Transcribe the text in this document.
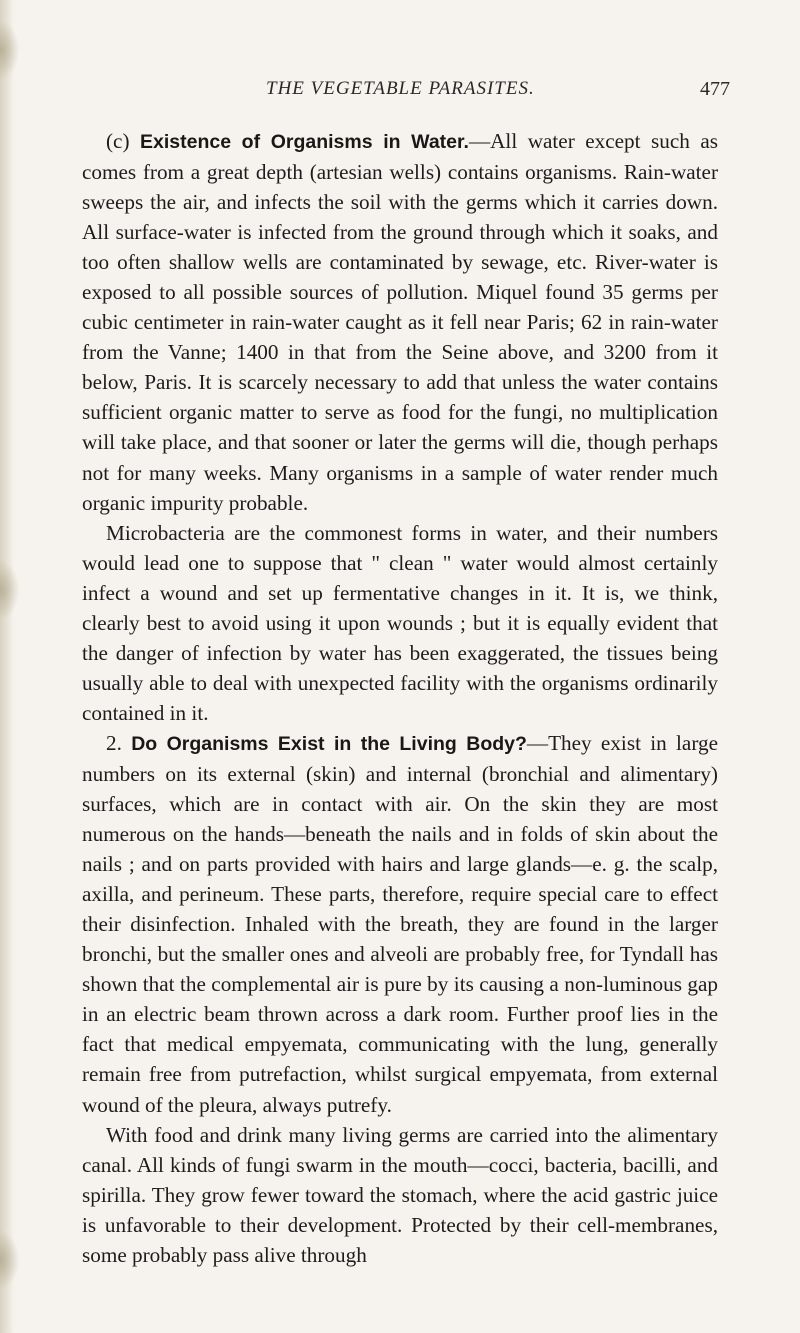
THE VEGETABLE PARASITES.	477

(c) Existence of Organisms in Water.—All water except such as comes from a great depth (artesian wells) contains organisms. Rain-water sweeps the air, and infects the soil with the germs which it carries down. All surface-water is infected from the ground through which it soaks, and too often shallow wells are contaminated by sewage, etc. River-water is exposed to all possible sources of pollution. Miquel found 35 germs per cubic centimeter in rain-water caught as it fell near Paris; 62 in rain-water from the Vanne; 1400 in that from the Seine above, and 3200 from it below, Paris. It is scarcely necessary to add that unless the water contains sufficient organic matter to serve as food for the fungi, no multiplication will take place, and that sooner or later the germs will die, though perhaps not for many weeks. Many organisms in a sample of water render much organic impurity probable.

Microbacteria are the commonest forms in water, and their numbers would lead one to suppose that " clean " water would almost certainly infect a wound and set up fermentative changes in it. It is, we think, clearly best to avoid using it upon wounds ; but it is equally evident that the danger of infection by water has been exaggerated, the tissues being usually able to deal with unexpected facility with the organisms ordinarily contained in it.

2. Do Organisms Exist in the Living Body?—They exist in large numbers on its external (skin) and internal (bronchial and alimentary) surfaces, which are in contact with air. On the skin they are most numerous on the hands—beneath the nails and in folds of skin about the nails ; and on parts provided with hairs and large glands—e. g. the scalp, axilla, and perineum. These parts, therefore, require special care to effect their disinfection. Inhaled with the breath, they are found in the larger bronchi, but the smaller ones and alveoli are probably free, for Tyndall has shown that the complemental air is pure by its causing a non-luminous gap in an electric beam thrown across a dark room. Further proof lies in the fact that medical empyemata, communicating with the lung, generally remain free from putrefaction, whilst surgical empyemata, from external wound of the pleura, always putrefy.

With food and drink many living germs are carried into the alimentary canal. All kinds of fungi swarm in the mouth—cocci, bacteria, bacilli, and spirilla. They grow fewer toward the stomach, where the acid gastric juice is unfavorable to their development. Protected by their cell-membranes, some probably pass alive through
